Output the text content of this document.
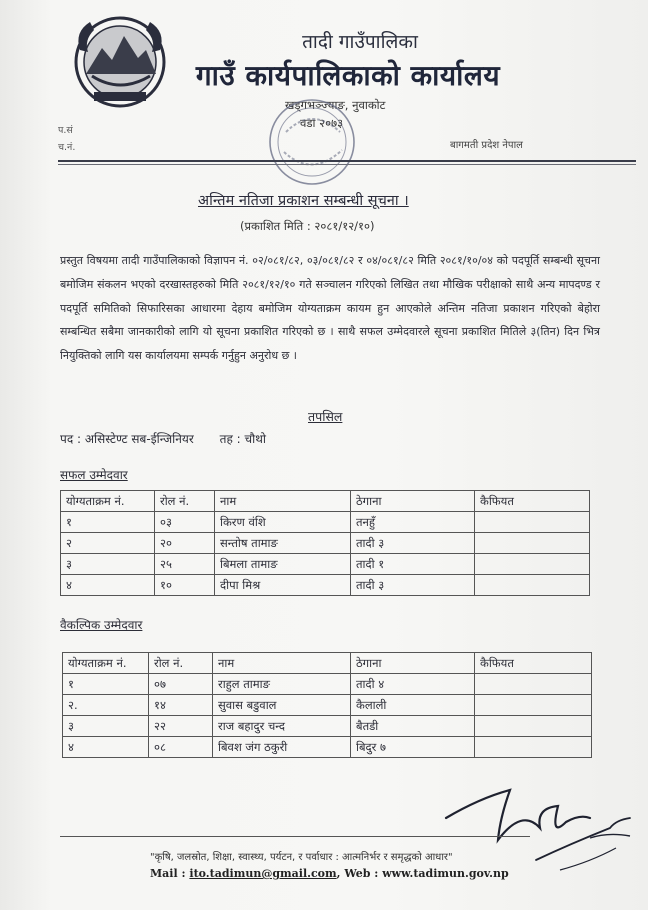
तादी गाउँपालिका
गाउँ कार्यपालिकाको कार्यालय
खड्गभञ्ज्याङ, नुवाकोट
वडा २०७३
प.सं
च.नं.	बागमती प्रदेश नेपाल
अन्तिम नतिजा प्रकाशन सम्बन्धी सूचना ।
(प्रकाशित मिति : २०८१/१२/१०)
प्रस्तुत विषयमा तादी गाउँपालिकाको विज्ञापन नं. ०२/०८१/८२, ०३/०८१/८२ र ०४/०८१/८२ मिति २०८१/१०/०४ को पदपूर्ति सम्बन्धी सूचना बमोजिम संकलन भएको दरखास्तहरुको मिति २०८१/१२/१० गते सञ्चालन गरिएको लिखित तथा मौखिक परीक्षाको साथै अन्य मापदण्ड र पदपूर्ति समितिको सिफारिसका आधारमा देहाय बमोजिम योग्यताक्रम कायम हुन आएकोले अन्तिम नतिजा प्रकाशन गरिएको बेहोरा सम्बन्धित सबैमा जानकारीको लागि यो सूचना प्रकाशित गरिएको छ । साथै सफल उम्मेदवारले सूचना प्रकाशित मितिले ३(तिन) दिन भित्र नियुक्तिको लागि यस कार्यालयमा सम्पर्क गर्नुहुन अनुरोध छ ।
तपसिल
पद : असिस्टेण्ट सब-ईन्जिनियर तह : चौथो
सफल उम्मेदवार
योग्यताक्रम नं.	रोल नं.	नाम	ठेगाना	कैफियत
१	०३	किरण वंशि	तनहुँ	
२	२०	सन्तोष तामाङ	तादी ३	
३	२५	बिमला तामाङ	तादी १	
४	१०	दीपा मिश्र	तादी ३	
वैकल्पिक उम्मेदवार
योग्यताक्रम नं.	रोल नं.	नाम	ठेगाना	कैफियत
१	०७	राहुल तामाङ	तादी ४	
२.	१४	सुवास बडुवाल	कैलाली	
३	२२	राज बहादुर चन्द	बैतडी	
४	०८	बिवश जंग ठकुरी	बिदुर ७	
"कृषि, जलस्रोत, शिक्षा, स्वास्थ्य, पर्यटन, र पर्वाधार : आत्मनिर्भर र समृद्धको आधार"
Mail : ito.tadimun@gmail.com, Web : www.tadimun.gov.np
